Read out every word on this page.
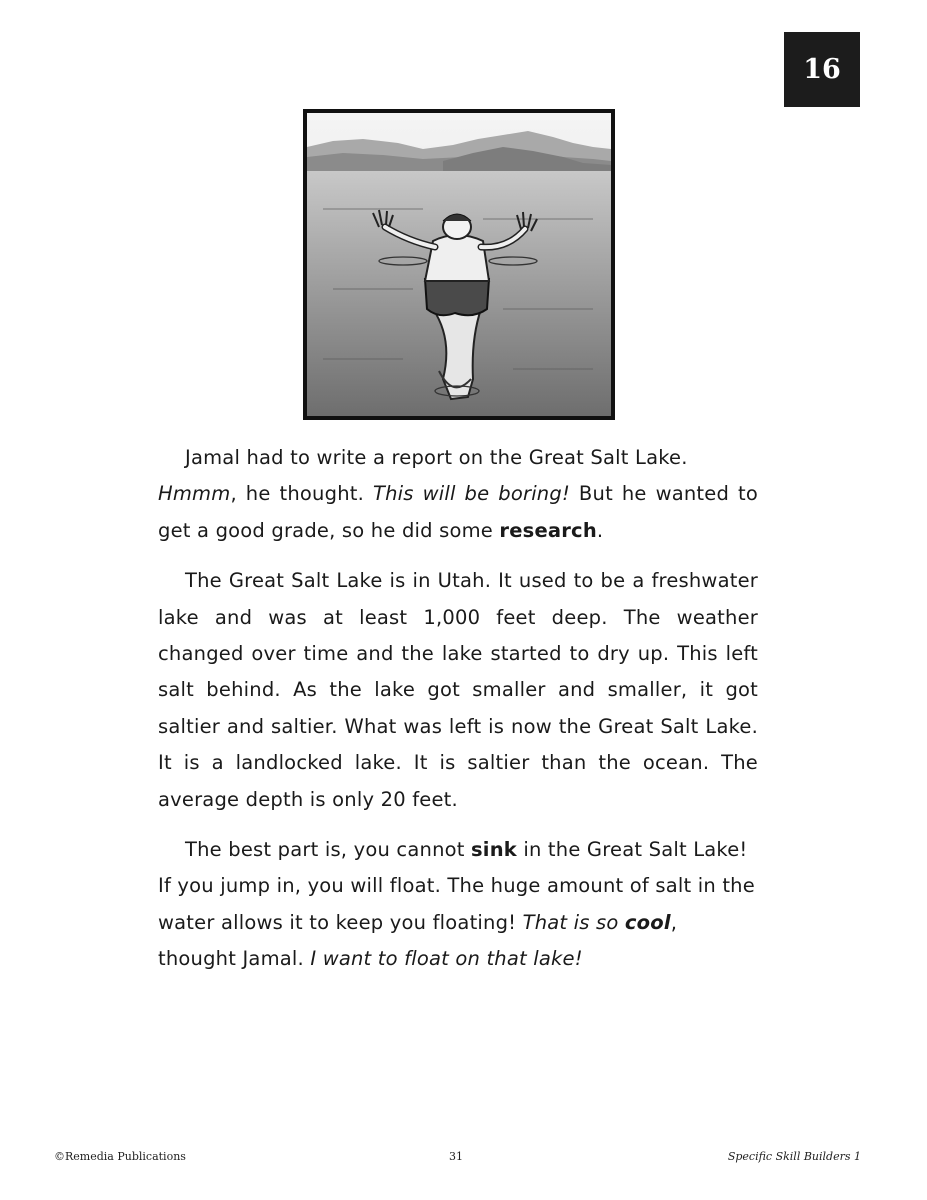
16

Jamal had to write a report on the Great Salt Lake.
Hmmm, he thought. This will be boring! But he wanted to get a good grade, so he did some research.

The Great Salt Lake is in Utah. It used to be a freshwater lake and was at least 1,000 feet deep. The weather changed over time and the lake started to dry up. This left salt behind. As the lake got smaller and smaller, it got saltier and saltier. What was left is now the Great Salt Lake. It is a landlocked lake. It is saltier than the ocean. The average depth is only 20 feet.

The best part is, you cannot sink in the Great Salt Lake! If you jump in, you will float. The huge amount of salt in the water allows it to keep you floating! That is so cool, thought Jamal. I want to float on that lake!

©Remedia Publications	31	Specific Skill Builders 1
